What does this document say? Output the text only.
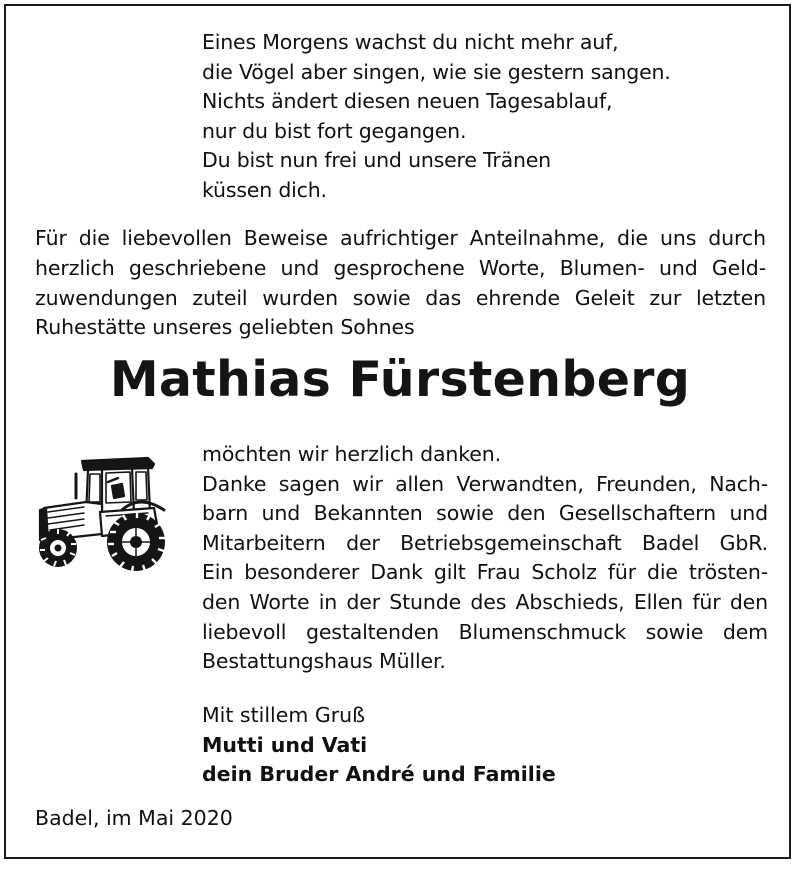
Eines Morgens wachst du nicht mehr auf,
die Vögel aber singen, wie sie gestern sangen.
Nichts ändert diesen neuen Tagesablauf,
nur du bist fort gegangen.
Du bist nun frei und unsere Tränen
küssen dich.
Für die liebevollen Beweise aufrichtiger Anteilnahme, die uns durch
herzlich geschriebene und gesprochene Worte, Blumen- und Geld-
zuwendungen zuteil wurden sowie das ehrende Geleit zur letzten
Ruhestätte unseres geliebten Sohnes
Mathias Fürstenberg
möchten wir herzlich danken.
Danke sagen wir allen Verwandten, Freunden, Nach-
barn und Bekannten sowie den Gesellschaftern und
Mitarbeitern der Betriebsgemeinschaft Badel GbR.
Ein besonderer Dank gilt Frau Scholz für die trösten-
den Worte in der Stunde des Abschieds, Ellen für den
liebevoll gestaltenden Blumenschmuck sowie dem
Bestattungshaus Müller.
Mit stillem Gruß
Mutti und Vati
dein Bruder André und Familie
Badel, im Mai 2020
